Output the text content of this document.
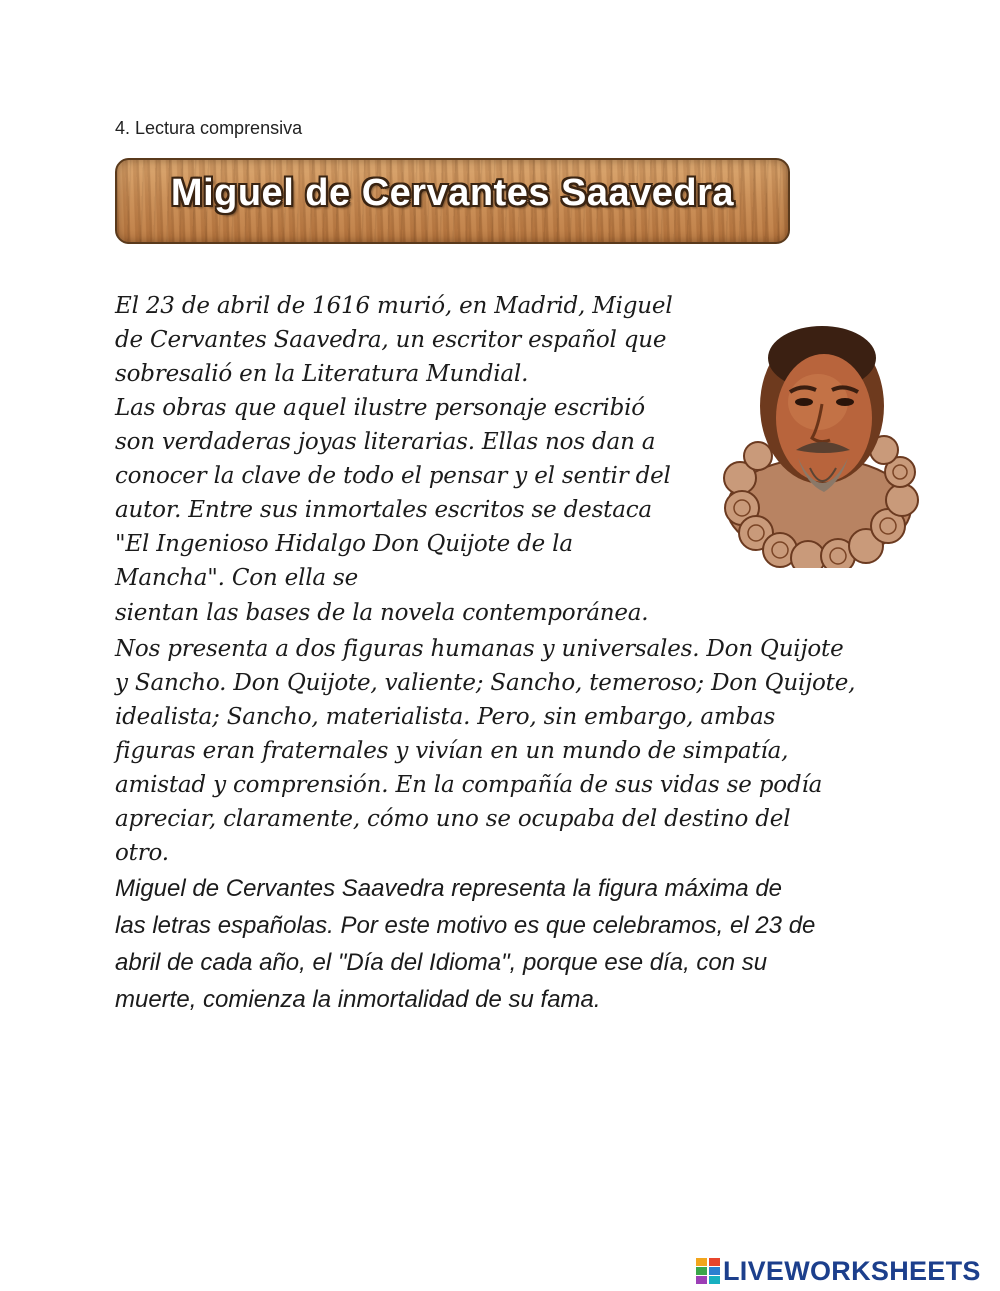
4. Lectura comprensiva
Miguel de Cervantes Saavedra
El 23 de abril de 1616 murió, en Madrid, Miguel
de Cervantes Saavedra, un escritor español que
sobresalió en la Literatura Mundial.
Las obras que aquel ilustre personaje escribió
son verdaderas joyas literarias. Ellas nos dan a
conocer la clave de todo el pensar y el sentir del
autor. Entre sus inmortales escritos se destaca
"El Ingenioso Hidalgo Don Quijote de la
Mancha". Con ella se
sientan las bases de la novela contemporánea.
Nos presenta a dos figuras humanas y universales. Don Quijote
y Sancho. Don Quijote, valiente; Sancho, temeroso; Don Quijote,
idealista; Sancho, materialista. Pero, sin embargo, ambas
figuras eran fraternales y vivían en un mundo de simpatía,
amistad y comprensión. En la compañía de sus vidas se podía
apreciar, claramente, cómo uno se ocupaba del destino del
otro.
Miguel de Cervantes Saavedra representa la figura máxima de
las letras españolas. Por este motivo es que celebramos, el 23 de
abril de cada año, el "Día del Idioma", porque ese día, con su
muerte, comienza la inmortalidad de su fama.
LIVEWORKSHEETS
